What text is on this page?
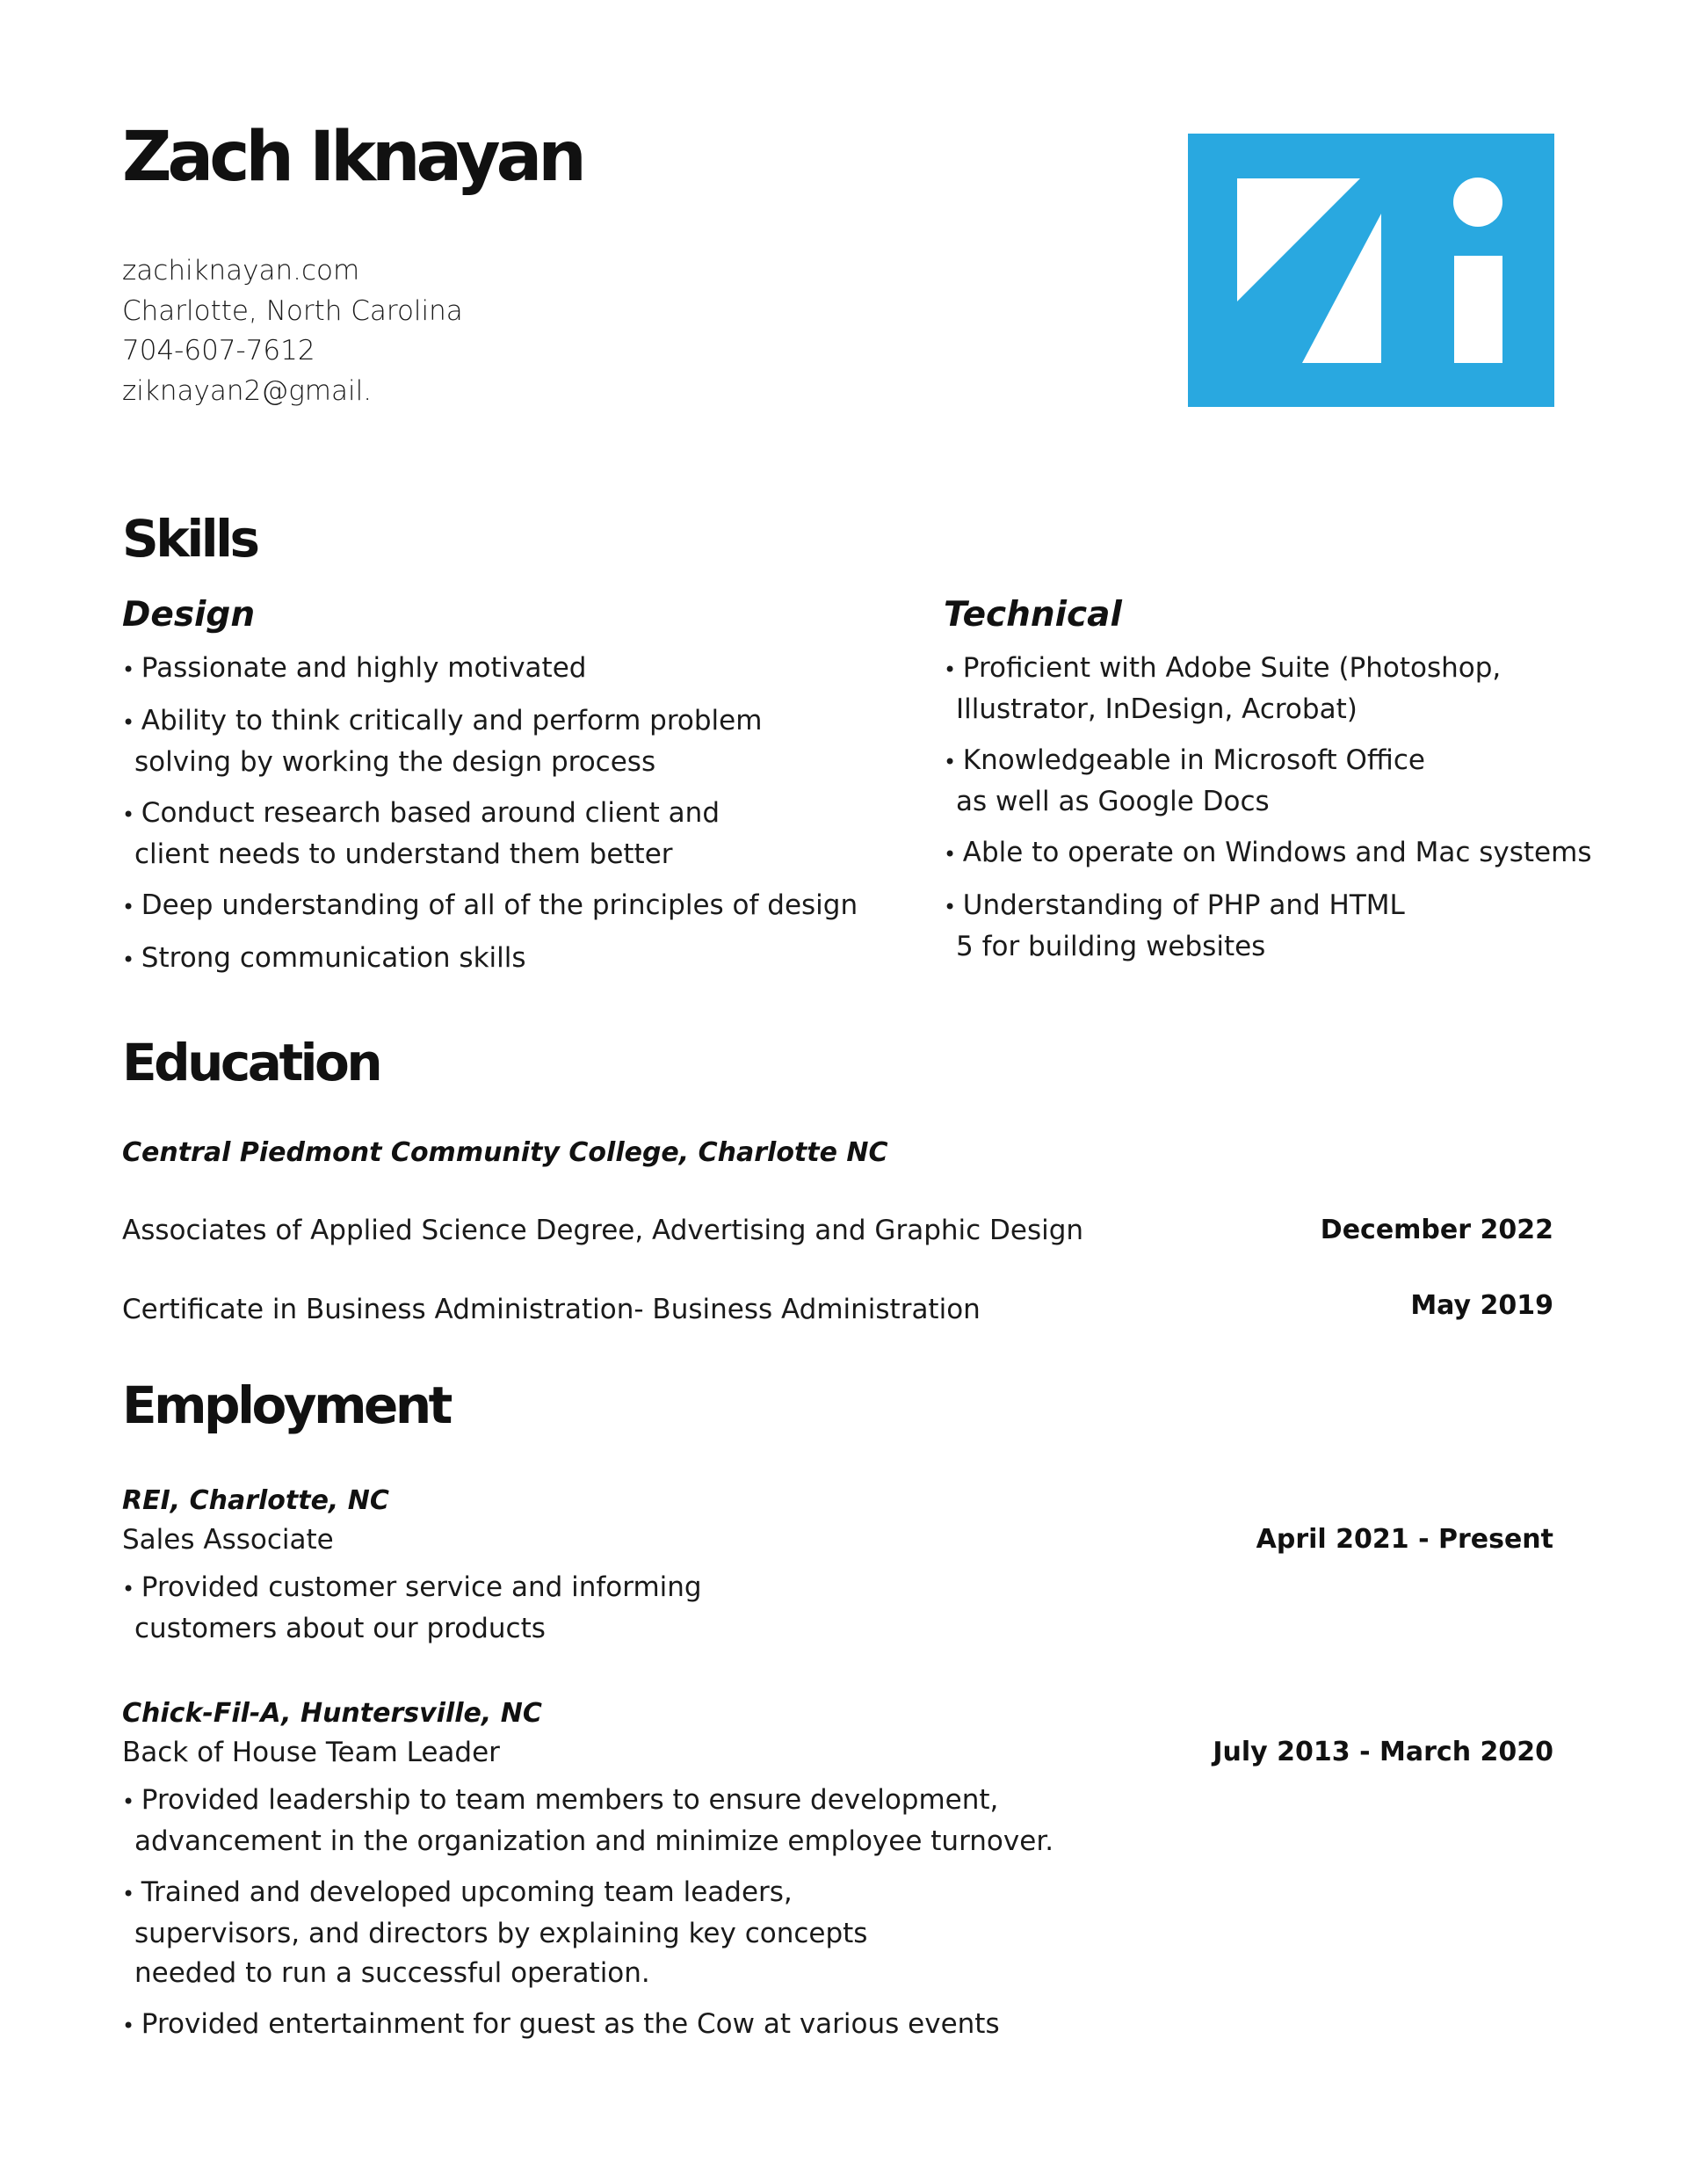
Zach Iknayan
zachiknayan.com
Charlotte, North Carolina
704-607-7612
ziknayan2@gmail.
Skills
Design
• Passionate and highly motivated
• Ability to think critically and perform problem
solving by working the design process
• Conduct research based around client and
client needs to understand them better
• Deep understanding of all of the principles of design
• Strong communication skills
Technical
• Proficient with Adobe Suite (Photoshop,
Illustrator, InDesign, Acrobat)
• Knowledgeable in Microsoft Office
as well as Google Docs
• Able to operate on Windows and Mac systems
• Understanding of PHP and HTML
5 for building websites
Education
Central Piedmont Community College, Charlotte NC
Associates of Applied Science Degree, Advertising and Graphic Design	December 2022
Certificate in Business Administration- Business Administration	May 2019
Employment
REI, Charlotte, NC
Sales Associate	April 2021 - Present
• Provided customer service and informing
customers about our products
Chick-Fil-A, Huntersville, NC
Back of House Team Leader	July 2013 - March 2020
• Provided leadership to team members to ensure development,
advancement in the organization and minimize employee turnover.
• Trained and developed upcoming team leaders,
supervisors, and directors by explaining key concepts
needed to run a successful operation.
• Provided entertainment for guest as the Cow at various events
